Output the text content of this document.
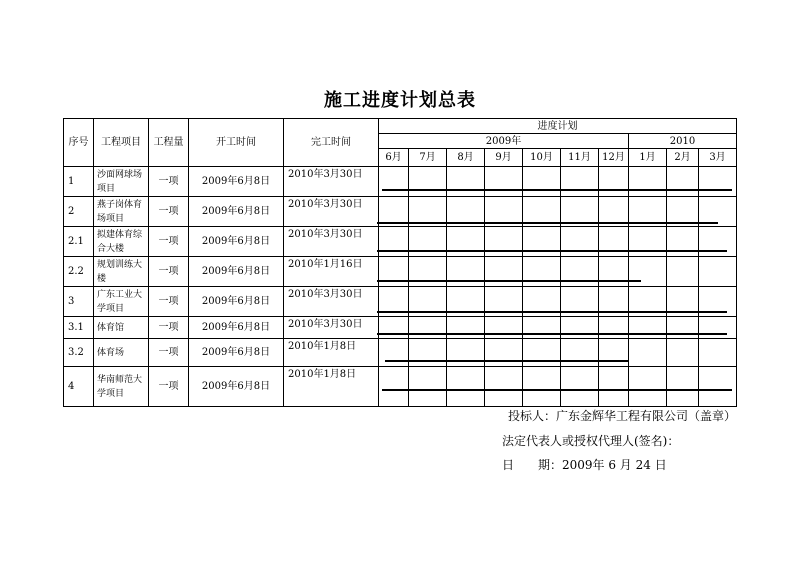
施工进度计划总表
序号	工程项目	工程量	开工时间	完工时间	进度计划									
					2009年							2010		
					6月	7月	8月	9月	10月	11月	12月	1月	2月	3月
1	沙面网球场项目	一项	2009年6月8日	2010年3月30日										
2	燕子岗体育场项目	一项	2009年6月8日	2010年3月30日										
2.1	拟建体育综合大楼	一项	2009年6月8日	2010年3月30日										
2.2	规划训练大楼	一项	2009年6月8日	2010年1月16日										
3	广东工业大学项目	一项	2009年6月8日	2010年3月30日										
3.1	体育馆	一项	2009年6月8日	2010年3月30日										
3.2	体育场	一项	2009年6月8日	2010年1月8日										
4	华南师范大学项目	一项	2009年6月8日	2010年1月8日										
投标人：广东金辉华工程有限公司（盖章）
法定代表人或授权代理人(签名)：
日　　期：2009年 6 月 24 日
